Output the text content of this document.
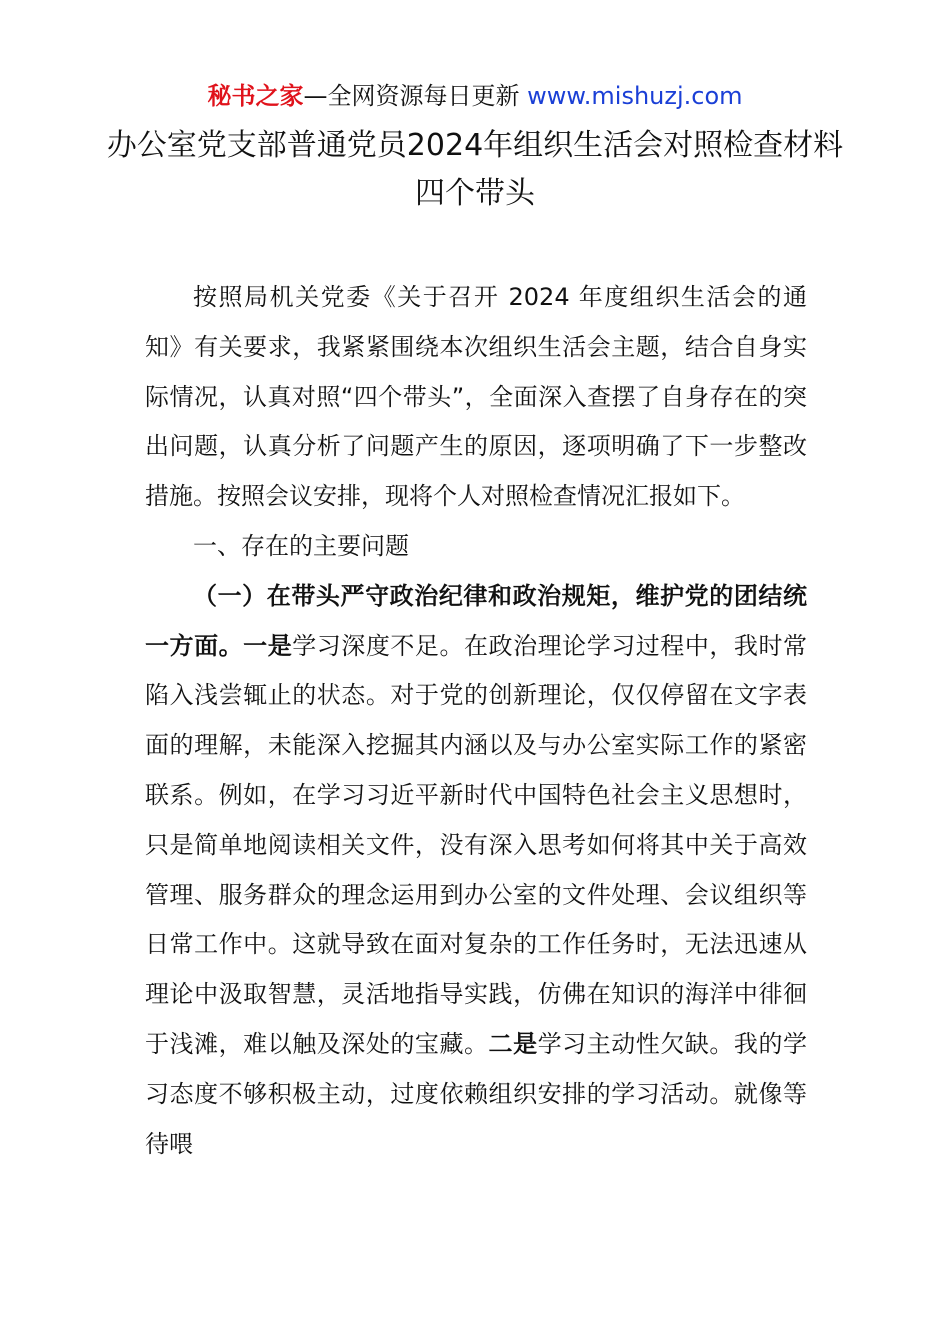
秘书之家—全网资源每日更新 www.mishuzj.com
办公室党支部普通党员2024年组织生活会对照检查材料 四个带头

按照局机关党委《关于召开 2024 年度组织生活会的通知》有关要求，我紧紧围绕本次组织生活会主题，结合自身实际情况，认真对照“四个带头”，全面深入查摆了自身存在的突出问题，认真分析了问题产生的原因，逐项明确了下一步整改措施。按照会议安排，现将个人对照检查情况汇报如下。

一、存在的主要问题

（一）在带头严守政治纪律和政治规矩，维护党的团结统一方面。一是学习深度不足。在政治理论学习过程中，我时常陷入浅尝辄止的状态。对于党的创新理论，仅仅停留在文字表面的理解，未能深入挖掘其内涵以及与办公室实际工作的紧密联系。例如，在学习习近平新时代中国特色社会主义思想时，只是简单地阅读相关文件，没有深入思考如何将其中关于高效管理、服务群众的理念运用到办公室的文件处理、会议组织等日常工作中。这就导致在面对复杂的工作任务时，无法迅速从理论中汲取智慧，灵活地指导实践，仿佛在知识的海洋中徘徊于浅滩，难以触及深处的宝藏。二是学习主动性欠缺。我的学习态度不够积极主动，过度依赖组织安排的学习活动。就像等待喂
